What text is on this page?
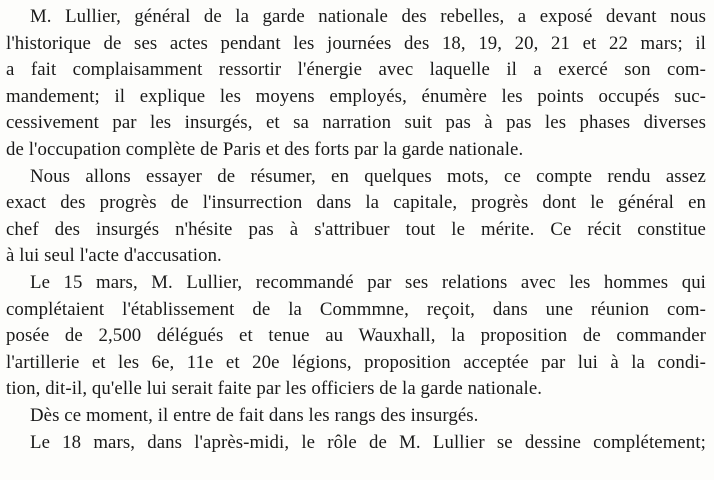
M. Lullier, général de la garde nationale des rebelles, a exposé devant nous
l'historique de ses actes pendant les journées des 18, 19, 20, 21 et 22 mars; il
a fait complaisamment ressortir l'énergie avec laquelle il a exercé son com-
mandement; il explique les moyens employés, énumère les points occupés suc-
cessivement par les insurgés, et sa narration suit pas à pas les phases diverses
de l'occupation complète de Paris et des forts par la garde nationale.
Nous allons essayer de résumer, en quelques mots, ce compte rendu assez
exact des progrès de l'insurrection dans la capitale, progrès dont le général en
chef des insurgés n'hésite pas à s'attribuer tout le mérite. Ce récit constitue
à lui seul l'acte d'accusation.
Le 15 mars, M. Lullier, recommandé par ses relations avec les hommes qui
complétaient l'établissement de la Commmne, reçoit, dans une réunion com-
posée de 2,500 délégués et tenue au Wauxhall, la proposition de commander
l'artillerie et les 6e, 11e et 20e légions, proposition acceptée par lui à la condi-
tion, dit-il, qu'elle lui serait faite par les officiers de la garde nationale.
Dès ce moment, il entre de fait dans les rangs des insurgés.
Le 18 mars, dans l'après-midi, le rôle de M. Lullier se dessine complétement;
